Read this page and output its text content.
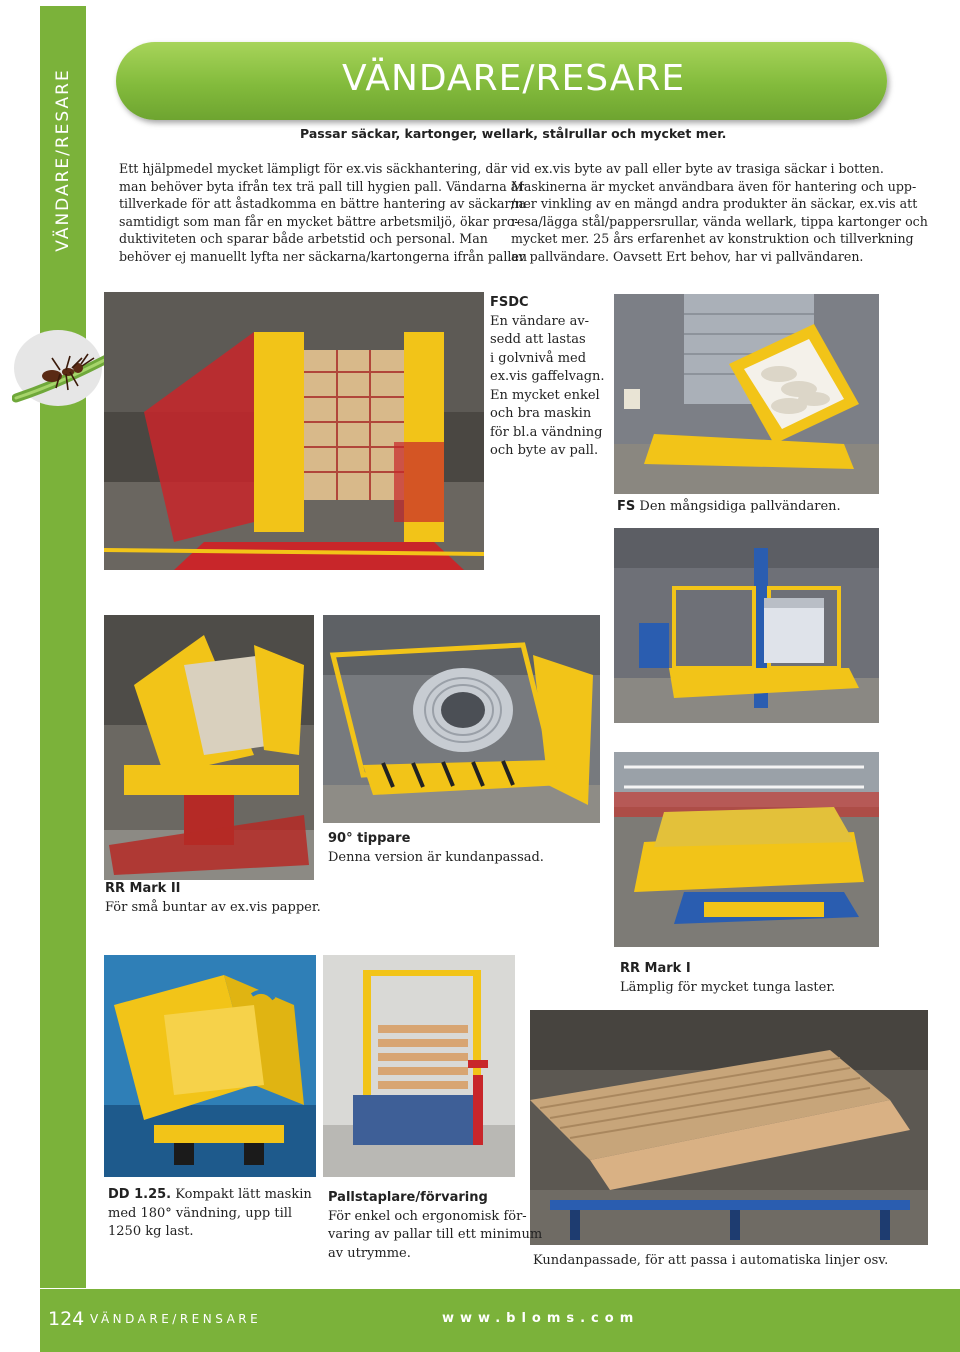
VÄNDARE/RESARE	VÄNDARE/RESARE
Passar säckar, kartonger, wellark, stålrullar och mycket mer.
Ett hjälpmedel mycket lämpligt för ex.vis säckhantering, där
man behöver byta ifrån tex trä pall till hygien pall. Vändarna är
tillverkade för att åstadkomma en bättre hantering av säckarna
samtidigt som man får en mycket bättre arbetsmiljö, ökar pro-
duktiviteten och sparar både arbetstid och personal. Man
behöver ej manuellt lyfta ner säckarna/kartongerna ifrån pallen
vid ex.vis byte av pall eller byte av trasiga säckar i botten.
Maskinerna är mycket användbara även för hantering och upp-
/ner vinkling av en mängd andra produkter än säckar, ex.vis att
resa/lägga stål/pappersrullar, vända wellark, tippa kartonger och
mycket mer. 25 års erfarenhet av konstruktion och tillverkning
av pallvändare. Oavsett Ert behov, har vi pallvändaren.
FSDC
En vändare av-
sedd att lastas
i golvnivå med
ex.vis gaffelvagn.
En mycket enkel
och bra maskin
för bl.a vändning
och byte av pall.
FS Den mångsidiga pallvändaren.
90° tippare
Denna version är kundanpassad.
RR Mark II
För små buntar av ex.vis papper.
RR Mark I
Lämplig för mycket tunga laster.
DD 1.25. Kompakt lätt maskin
med 180° vändning, upp till
1250 kg last.
Pallstaplare/förvaring
För enkel och ergonomisk för-
varing av pallar till ett minimum
av utrymme.	Kundanpassade, för att passa i automatiska linjer osv.
124 VÄNDARE/RENSARE	www.bloms.com
